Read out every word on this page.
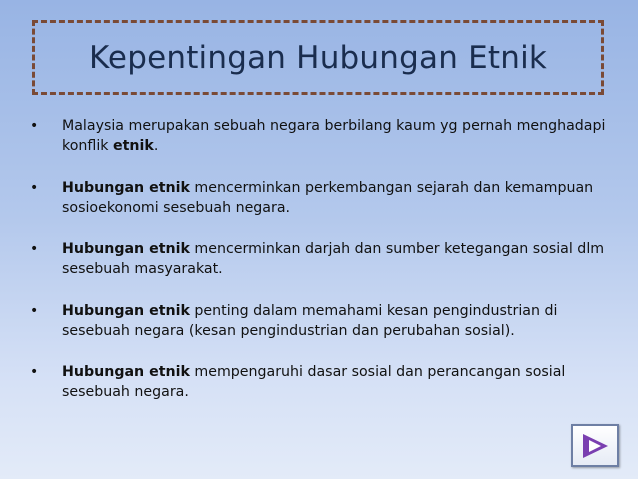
Kepentingan Hubungan Etnik
• Malaysia merupakan sebuah negara berbilang kaum yg pernah menghadapi konflik etnik.
• Hubungan etnik mencerminkan perkembangan sejarah dan kemampuan sosioekonomi sesebuah negara.
• Hubungan etnik mencerminkan darjah dan sumber ketegangan sosial dlm sesebuah masyarakat.
• Hubungan etnik penting dalam memahami kesan pengindustrian di sesebuah negara (kesan pengindustrian dan perubahan sosial).
• Hubungan etnik mempengaruhi dasar sosial dan perancangan sosial sesebuah negara.
